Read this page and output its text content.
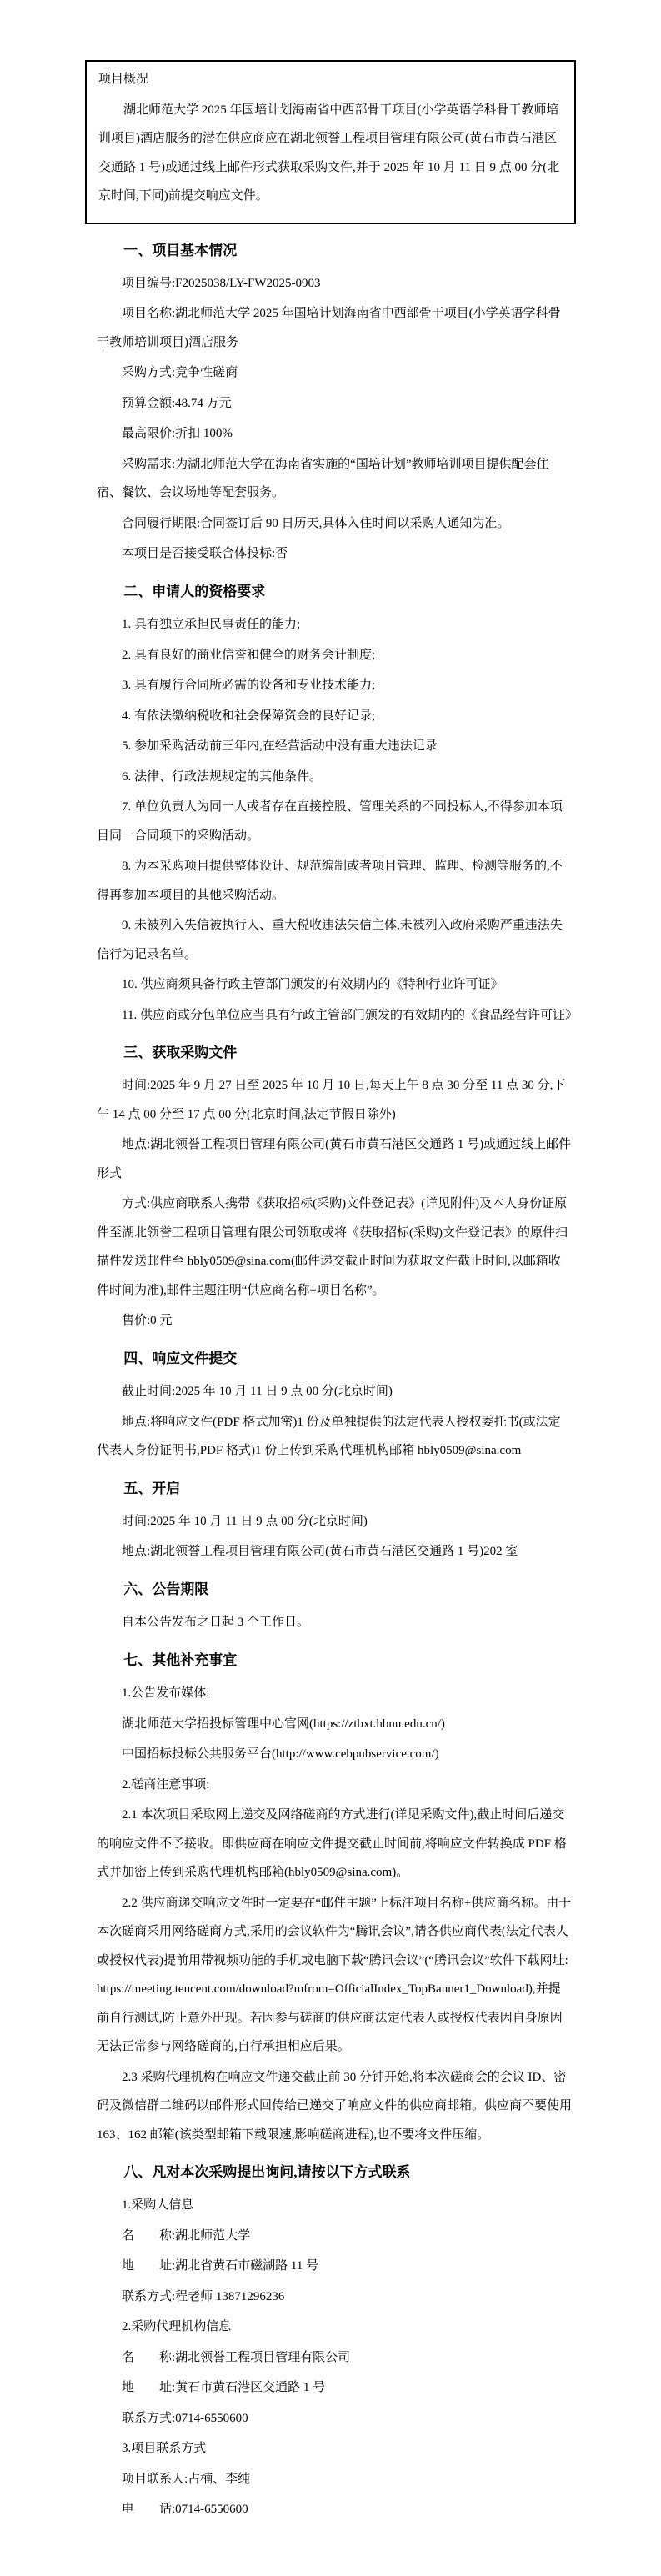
项目概况

湖北师范大学 2025 年国培计划海南省中西部骨干项目(小学英语学科骨干教师培训项目)酒店服务的潜在供应商应在湖北领誉工程项目管理有限公司(黄石市黄石港区交通路 1 号)或通过线上邮件形式获取采购文件,并于 2025 年 10 月 11 日 9 点 00 分(北京时间,下同)前提交响应文件。

一、项目基本情况

项目编号:F2025038/LY-FW2025-0903

项目名称:湖北师范大学 2025 年国培计划海南省中西部骨干项目(小学英语学科骨干教师培训项目)酒店服务

采购方式:竞争性磋商

预算金额:48.74 万元

最高限价:折扣 100%

采购需求:为湖北师范大学在海南省实施的“国培计划”教师培训项目提供配套住宿、餐饮、会议场地等配套服务。

合同履行期限:合同签订后 90 日历天,具体入住时间以采购人通知为准。

本项目是否接受联合体投标:否

二、申请人的资格要求

1. 具有独立承担民事责任的能力;

2. 具有良好的商业信誉和健全的财务会计制度;

3. 具有履行合同所必需的设备和专业技术能力;

4. 有依法缴纳税收和社会保障资金的良好记录;

5. 参加采购活动前三年内,在经营活动中没有重大违法记录

6. 法律、行政法规规定的其他条件。

7. 单位负责人为同一人或者存在直接控股、管理关系的不同投标人,不得参加本项目同一合同项下的采购活动。

8. 为本采购项目提供整体设计、规范编制或者项目管理、监理、检测等服务的,不得再参加本项目的其他采购活动。

9. 未被列入失信被执行人、重大税收违法失信主体,未被列入政府采购严重违法失信行为记录名单。

10. 供应商须具备行政主管部门颁发的有效期内的《特种行业许可证》

11. 供应商或分包单位应当具有行政主管部门颁发的有效期内的《食品经营许可证》

三、获取采购文件

时间:2025 年 9 月 27 日至 2025 年 10 月 10 日,每天上午 8 点 30 分至 11 点 30 分,下午 14 点 00 分至 17 点 00 分(北京时间,法定节假日除外)

地点:湖北领誉工程项目管理有限公司(黄石市黄石港区交通路 1 号)或通过线上邮件形式

方式:供应商联系人携带《获取招标(采购)文件登记表》(详见附件)及本人身份证原件至湖北领誉工程项目管理有限公司领取或将《获取招标(采购)文件登记表》的原件扫描件发送邮件至 hbly0509@sina.com(邮件递交截止时间为获取文件截止时间,以邮箱收件时间为准),邮件主题注明“供应商名称+项目名称”。

售价:0 元

四、响应文件提交

截止时间:2025 年 10 月 11 日 9 点 00 分(北京时间)

地点:将响应文件(PDF 格式加密)1 份及单独提供的法定代表人授权委托书(或法定代表人身份证明书,PDF 格式)1 份上传到采购代理机构邮箱 hbly0509@sina.com

五、开启

时间:2025 年 10 月 11 日 9 点 00 分(北京时间)

地点:湖北领誉工程项目管理有限公司(黄石市黄石港区交通路 1 号)202 室

六、公告期限

自本公告发布之日起 3 个工作日。

七、其他补充事宜

1.公告发布媒体:

湖北师范大学招投标管理中心官网(https://ztbxt.hbnu.edu.cn/)

中国招标投标公共服务平台(http://www.cebpubservice.com/)

2.磋商注意事项:

2.1 本次项目采取网上递交及网络磋商的方式进行(详见采购文件),截止时间后递交的响应文件不予接收。即供应商在响应文件提交截止时间前,将响应文件转换成 PDF 格式并加密上传到采购代理机构邮箱(hbly0509@sina.com)。

2.2 供应商递交响应文件时一定要在“邮件主题”上标注项目名称+供应商名称。由于本次磋商采用网络磋商方式,采用的会议软件为“腾讯会议”,请各供应商代表(法定代表人或授权代表)提前用带视频功能的手机或电脑下载“腾讯会议”(“腾讯会议”软件下载网址:https://meeting.tencent.com/download?mfrom=OfficialIndex_TopBanner1_Download),并提前自行测试,防止意外出现。若因参与磋商的供应商法定代表人或授权代表因自身原因无法正常参与网络磋商的,自行承担相应后果。

2.3 采购代理机构在响应文件递交截止前 30 分钟开始,将本次磋商会的会议 ID、密码及微信群二维码以邮件形式回传给已递交了响应文件的供应商邮箱。供应商不要使用 163、162 邮箱(该类型邮箱下载限速,影响磋商进程),也不要将文件压缩。

八、凡对本次采购提出询问,请按以下方式联系

1.采购人信息

名　　称:湖北师范大学

地　　址:湖北省黄石市磁湖路 11 号

联系方式:程老师 13871296236

2.采购代理机构信息

名　　称:湖北领誉工程项目管理有限公司

地　　址:黄石市黄石港区交通路 1 号

联系方式:0714-6550600

3.项目联系方式

项目联系人:占楠、李纯

电　　话:0714-6550600
